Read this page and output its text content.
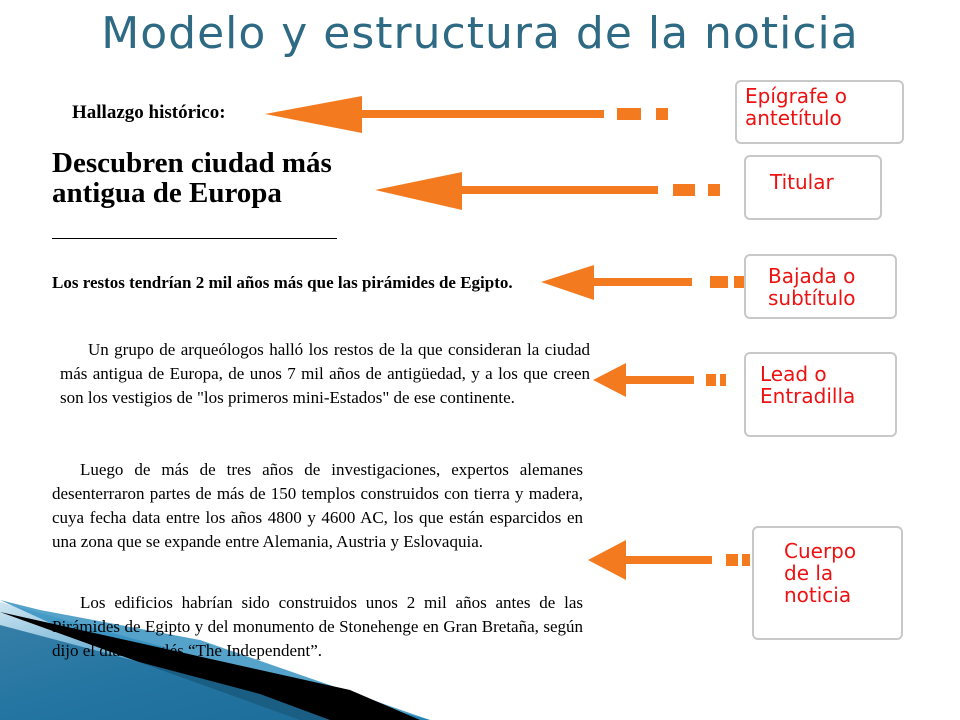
Modelo y estructura de la noticia
Hallazgo histórico:
Descubren ciudad más antigua de Europa
Los restos tendrían 2 mil años más que las pirámides de Egipto.
Un grupo de arqueólogos halló los restos de la que consideran la ciudad más antigua de Europa, de unos 7 mil años de antigüedad, y a los que creen son los vestigios de "los primeros mini-Estados" de ese continente.
Luego de más de tres años de investigaciones, expertos alemanes desenterraron partes de más de 150 templos construidos con tierra y madera, cuya fecha data entre los años 4800 y 4600 AC, los que están esparcidos en una zona que se expande entre Alemania, Austria y Eslovaquia.
Los edificios habrían sido construidos unos 2 mil años antes de las Pirámides de Egipto y del monumento de Stonehenge en Gran Bretaña, según dijo el diario inglés “The Independent”.
Epígrafe o
antetítulo
Titular
Bajada o
subtítulo
Lead o
Entradilla
Cuerpo
de la
noticia
